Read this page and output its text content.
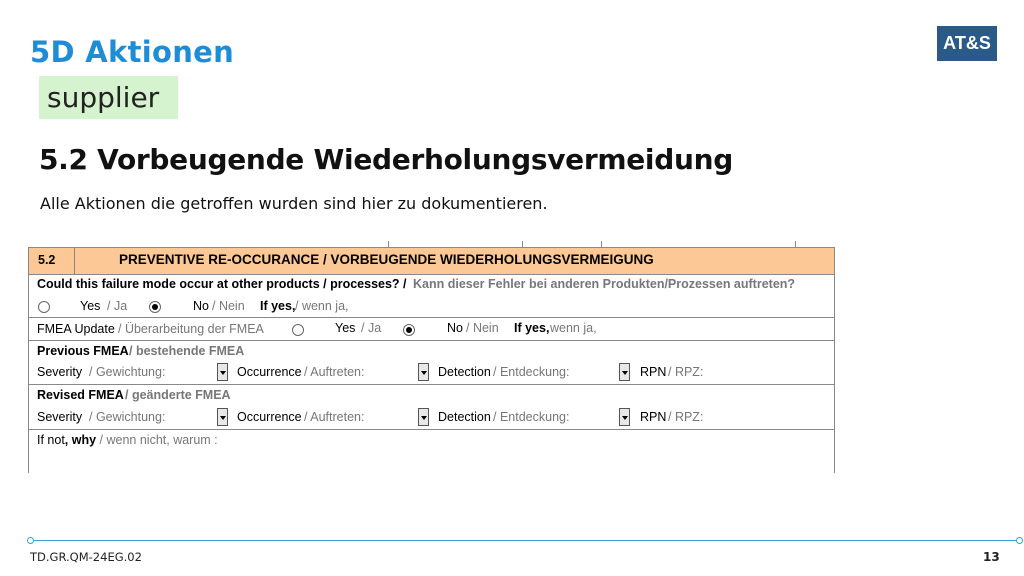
5D Aktionen	AT&S
supplier
5.2 Vorbeugende Wiederholungsvermeidung
Alle Aktionen die getroffen wurden sind hier zu dokumentieren.
5.2	PREVENTIVE RE-OCCURANCE / VORBEUGENDE WIEDERHOLUNGSVERMEIGUNG
Could this failure mode occur at other products / processes? / Kann dieser Fehler bei anderen Produkten/Prozessen auftreten?
Yes / Ja	No / Nein If yes, / wenn ja,
FMEA Update / Überarbeitung der FMEA	Yes / Ja	No / Nein If yes, wenn ja,
Previous FMEA / bestehende FMEA
Severity / Gewichtung:	Occurrence / Auftreten:	Detection / Entdeckung:	RPN / RPZ:
Revised FMEA / geänderte FMEA
Severity / Gewichtung:	Occurrence / Auftreten:	Detection / Entdeckung:	RPN / RPZ:
If not, why / wenn nicht, warum :
TD.GR.QM-24EG.02	13
